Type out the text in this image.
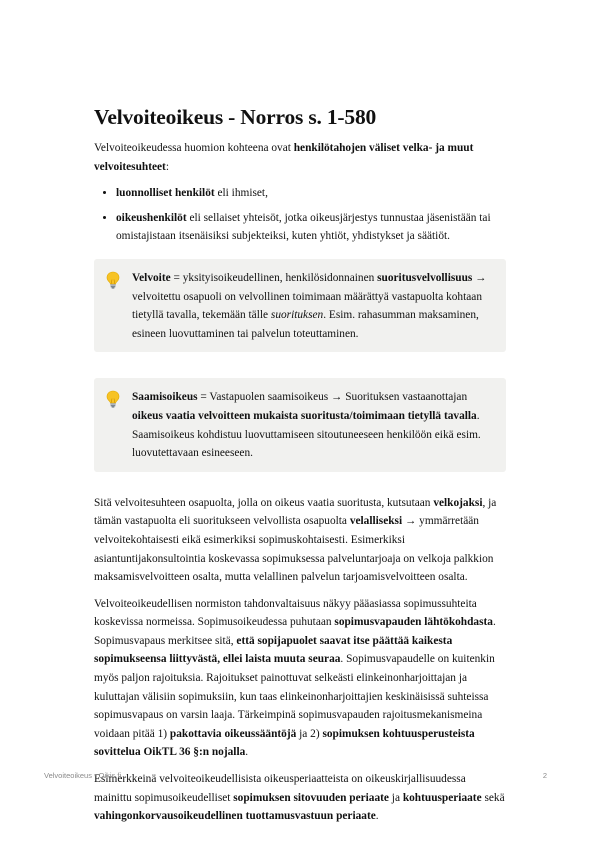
Velvoiteoikeus - Norros s. 1-580

Velvoiteoikeudessa huomion kohteena ovat henkilötahojen väliset velka- ja muut velvoitesuhteet:

• luonnolliset henkilöt eli ihmiset,
• oikeushenkilöt eli sellaiset yhteisöt, jotka oikeusjärjestys tunnustaa jäsenistään tai omistajistaan itsenäisiksi subjekteiksi, kuten yhtiöt, yhdistykset ja säätiöt.
Velvoite = yksityisoikeudellinen, henkilösidonnainen suoritusvelvollisuus → velvoitettu osapuoli on velvollinen toimimaan määrättyä vastapuolta kohtaan tietyllä tavalla, tekemään tälle suorituksen. Esim. rahasumman maksaminen, esineen luovuttaminen tai palvelun toteuttaminen.
Saamisoikeus = Vastapuolen saamisoikeus → Suorituksen vastaanottajan oikeus vaatia velvoitteen mukaista suoritusta/toimimaan tietyllä tavalla. Saamisoikeus kohdistuu luovuttamiseen sitoutuneeseen henkilöön eikä esim. luovutettavaan esineeseen.

Sitä velvoitesuhteen osapuolta, jolla on oikeus vaatia suoritusta, kutsutaan velkojaksi, ja tämän vastapuolta eli suoritukseen velvollista osapuolta velalliseksi → ymmärretään velvoitekohtaisesti eikä esimerkiksi sopimuskohtaisesti. Esimerkiksi asiantuntijakonsultointia koskevassa sopimuksessa palveluntarjoaja on velkoja palkkion maksamisvelvoitteen osalta, mutta velallinen palvelun tarjoamisvelvoitteen osalta.

Velvoiteoikeudellisen normiston tahdonvaltaisuus näkyy pääasiassa sopimussuhteita koskevissa normeissa. Sopimusoikeudessa puhutaan sopimusvapauden lähtökohdasta. Sopimusvapaus merkitsee sitä, että sopijapuolet saavat itse päättää kaikesta sopimukseensa liittyvästä, ellei laista muuta seuraa. Sopimusvapaudelle on kuitenkin myös paljon rajoituksia. Rajoitukset painottuvat selkeästi elinkeinonharjoittajan ja kuluttajan välisiin sopimuksiin, kun taas elinkeinonharjoittajien keskinäisissä suhteissa sopimusvapaus on varsin laaja. Tärkeimpinä sopimusvapauden rajoitusmekanismeina voidaan pitää 1) pakottavia oikeussääntöjä ja 2) sopimuksen kohtuusperusteista sovittelua OikTL 36 §:n nojalla.

Esimerkkeinä velvoiteoikeudellisista oikeusperiaatteista on oikeuskirjallisuudessa mainittu sopimusoikeudelliset sopimuksen sitovuuden periaate ja kohtuusperiaate sekä vahingonkorvausoikeudellinen tuottamusvastuun periaate.

Velvoiteoikeus - Oikis.fi	2
